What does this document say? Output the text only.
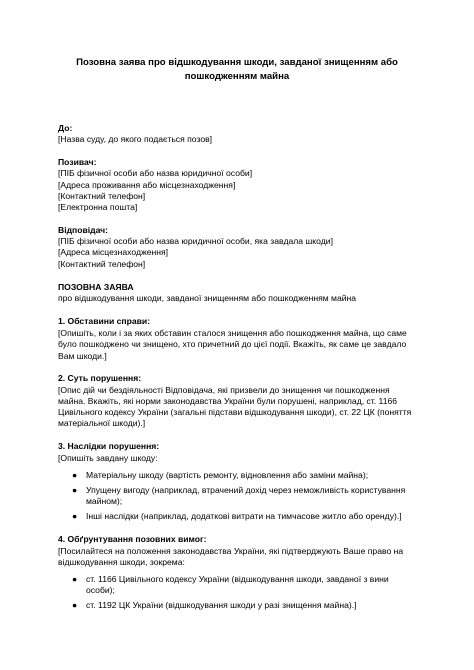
Позовна заява про відшкодування шкоди, завданої знищенням або
пошкодженням майна

До:

[Назва суду, до якого подається позов]

Позивач:

[ПІБ фізичної особи або назва юридичної особи]

[Адреса проживання або місцезнаходження]

[Контактний телефон]

[Електронна пошта]

Відповідач:

[ПІБ фізичної особи або назва юридичної особи, яка завдала шкоди]

[Адреса місцезнаходження]

[Контактний телефон]

ПОЗОВНА ЗАЯВА

про відшкодування шкоди, завданої знищенням або пошкодженням майна

1. Обставини справи:

[Опишіть, коли і за яких обставин сталося знищення або пошкодження майна, що саме було пошкоджено чи знищено, хто причетний до цієї події. Вкажіть, як саме це завдало Вам шкоди.]

2. Суть порушення:

[Опис дій чи бездіяльності Відповідача, які призвели до знищення чи пошкодження майна. Вкажіть, які норми законодавства України були порушені, наприклад, ст. 1166 Цивільного кодексу України (загальні підстави відшкодування шкоди), ст. 22 ЦК (поняття матеріальної шкоди).]

3. Наслідки порушення:

[Опишіть завдану шкоду:

● Матеріальну шкоду (вартість ремонту, відновлення або заміни майна);
● Упущену вигоду (наприклад, втрачений дохід через неможливість користування майном);
● Інші наслідки (наприклад, додаткові витрати на тимчасове житло або оренду).]

4. Обґрунтування позовних вимог:

[Посилайтеся на положення законодавства України, які підтверджують Ваше право на відшкодування шкоди, зокрема:

● ст. 1166 Цивільного кодексу України (відшкодування шкоди, завданої з вини особи);
● ст. 1192 ЦК України (відшкодування шкоди у разі знищення майна).]
